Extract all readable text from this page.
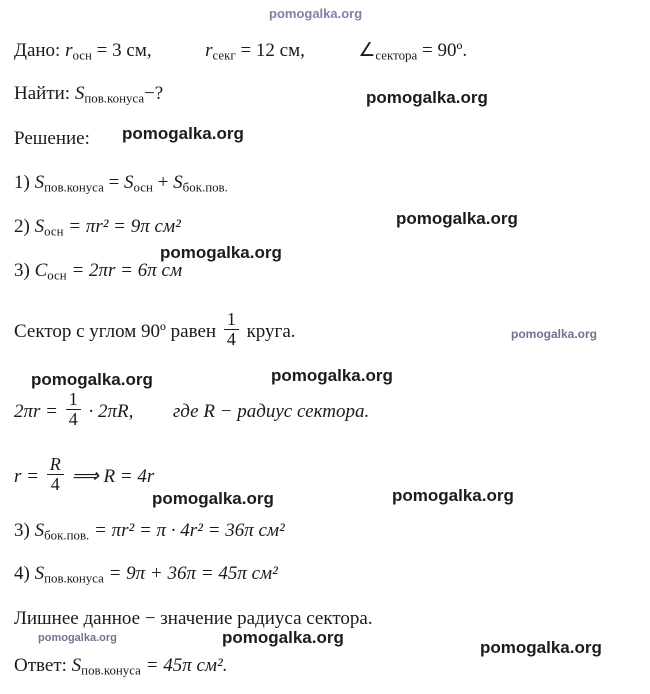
pomogalka.org
pomogalka.org
pomogalka.org
pomogalka.org
pomogalka.org
pomogalka.org
pomogalka.org
pomogalka.org
pomogalka.org	pomogalka.org
pomogalka.org	pomogalka.org
pomogalka.org
Дано: $r_{осн} = 3$ см,	$r_{секг} = 12$ см,	$\angle_{сектора}$ = 90º.
Найти: $S_{пов.конуса}-$?
Решение:
1) $S_{пов.конуса} = S_{осн} + S_{бок.пов.}$
2) $S_{осн} = \pi r^2 = 9\pi$ см²
3) $C_{осн} = 2\pi r = 6\pi$ см
Сектор с углом 90º равен $\frac{1}{4}$ круга.
$2\pi r = \frac{1}{4} \cdot 2\pi R$, где R − радиус сектора.
$r = \frac{R}{4}$ ⟹ R = 4r
3) $S_{бок.пов.} = \pi r^2 = \pi \cdot 4r^2 = 36\pi$ см²
4) $S_{пов.конуса} = 9\pi + 36\pi = 45\pi$ см²
Лишнее данное − значение радиуса сектора.
Ответ: $S_{пов.конуса} = 45\pi$ см².
